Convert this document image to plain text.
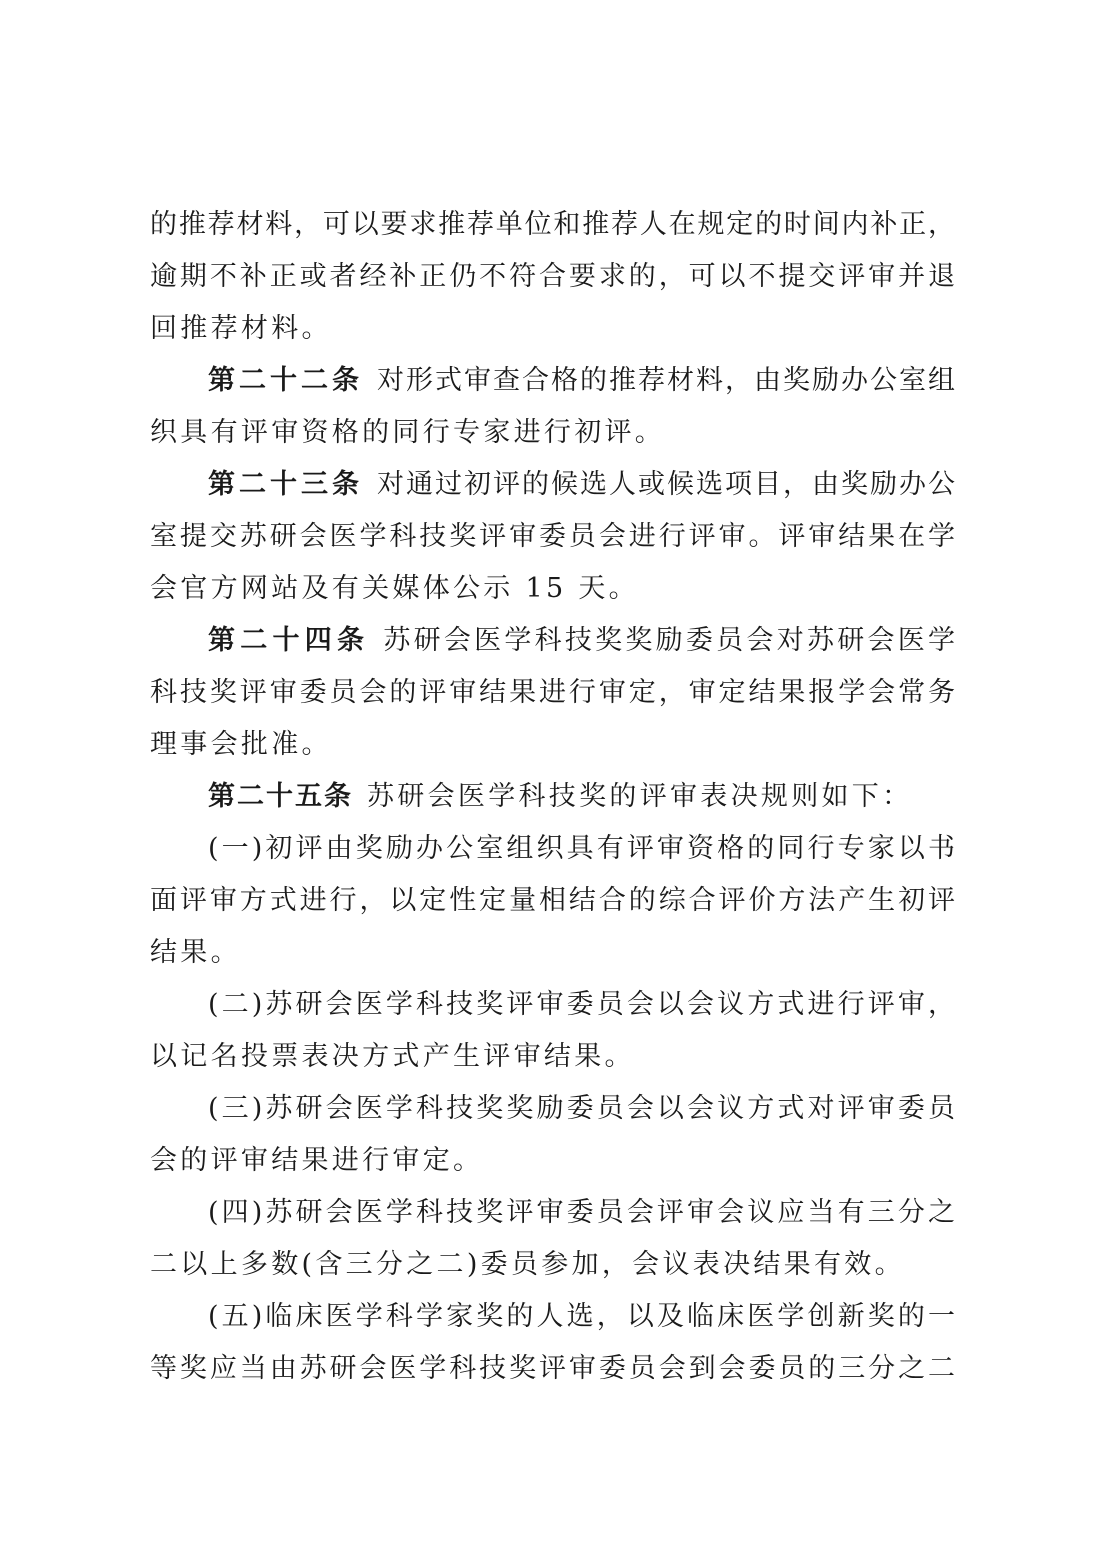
的推荐材料，可以要求推荐单位和推荐人在规定的时间内补正，
逾期不补正或者经补正仍不符合要求的，可以不提交评审并退
回推荐材料。
第二十二条 对形式审查合格的推荐材料，由奖励办公室组
织具有评审资格的同行专家进行初评。
第二十三条 对通过初评的候选人或候选项目，由奖励办公
室提交苏研会医学科技奖评审委员会进行评审。评审结果在学
会官方网站及有关媒体公示 15 天。
第二十四条 苏研会医学科技奖奖励委员会对苏研会医学
科技奖评审委员会的评审结果进行审定，审定结果报学会常务
理事会批准。
第二十五条 苏研会医学科技奖的评审表决规则如下：
(一)初评由奖励办公室组织具有评审资格的同行专家以书
面评审方式进行，以定性定量相结合的综合评价方法产生初评
结果。
(二)苏研会医学科技奖评审委员会以会议方式进行评审，
以记名投票表决方式产生评审结果。
(三)苏研会医学科技奖奖励委员会以会议方式对评审委员
会的评审结果进行审定。
(四)苏研会医学科技奖评审委员会评审会议应当有三分之
二以上多数(含三分之二)委员参加，会议表决结果有效。
(五)临床医学科学家奖的人选，以及临床医学创新奖的一
等奖应当由苏研会医学科技奖评审委员会到会委员的三分之二
